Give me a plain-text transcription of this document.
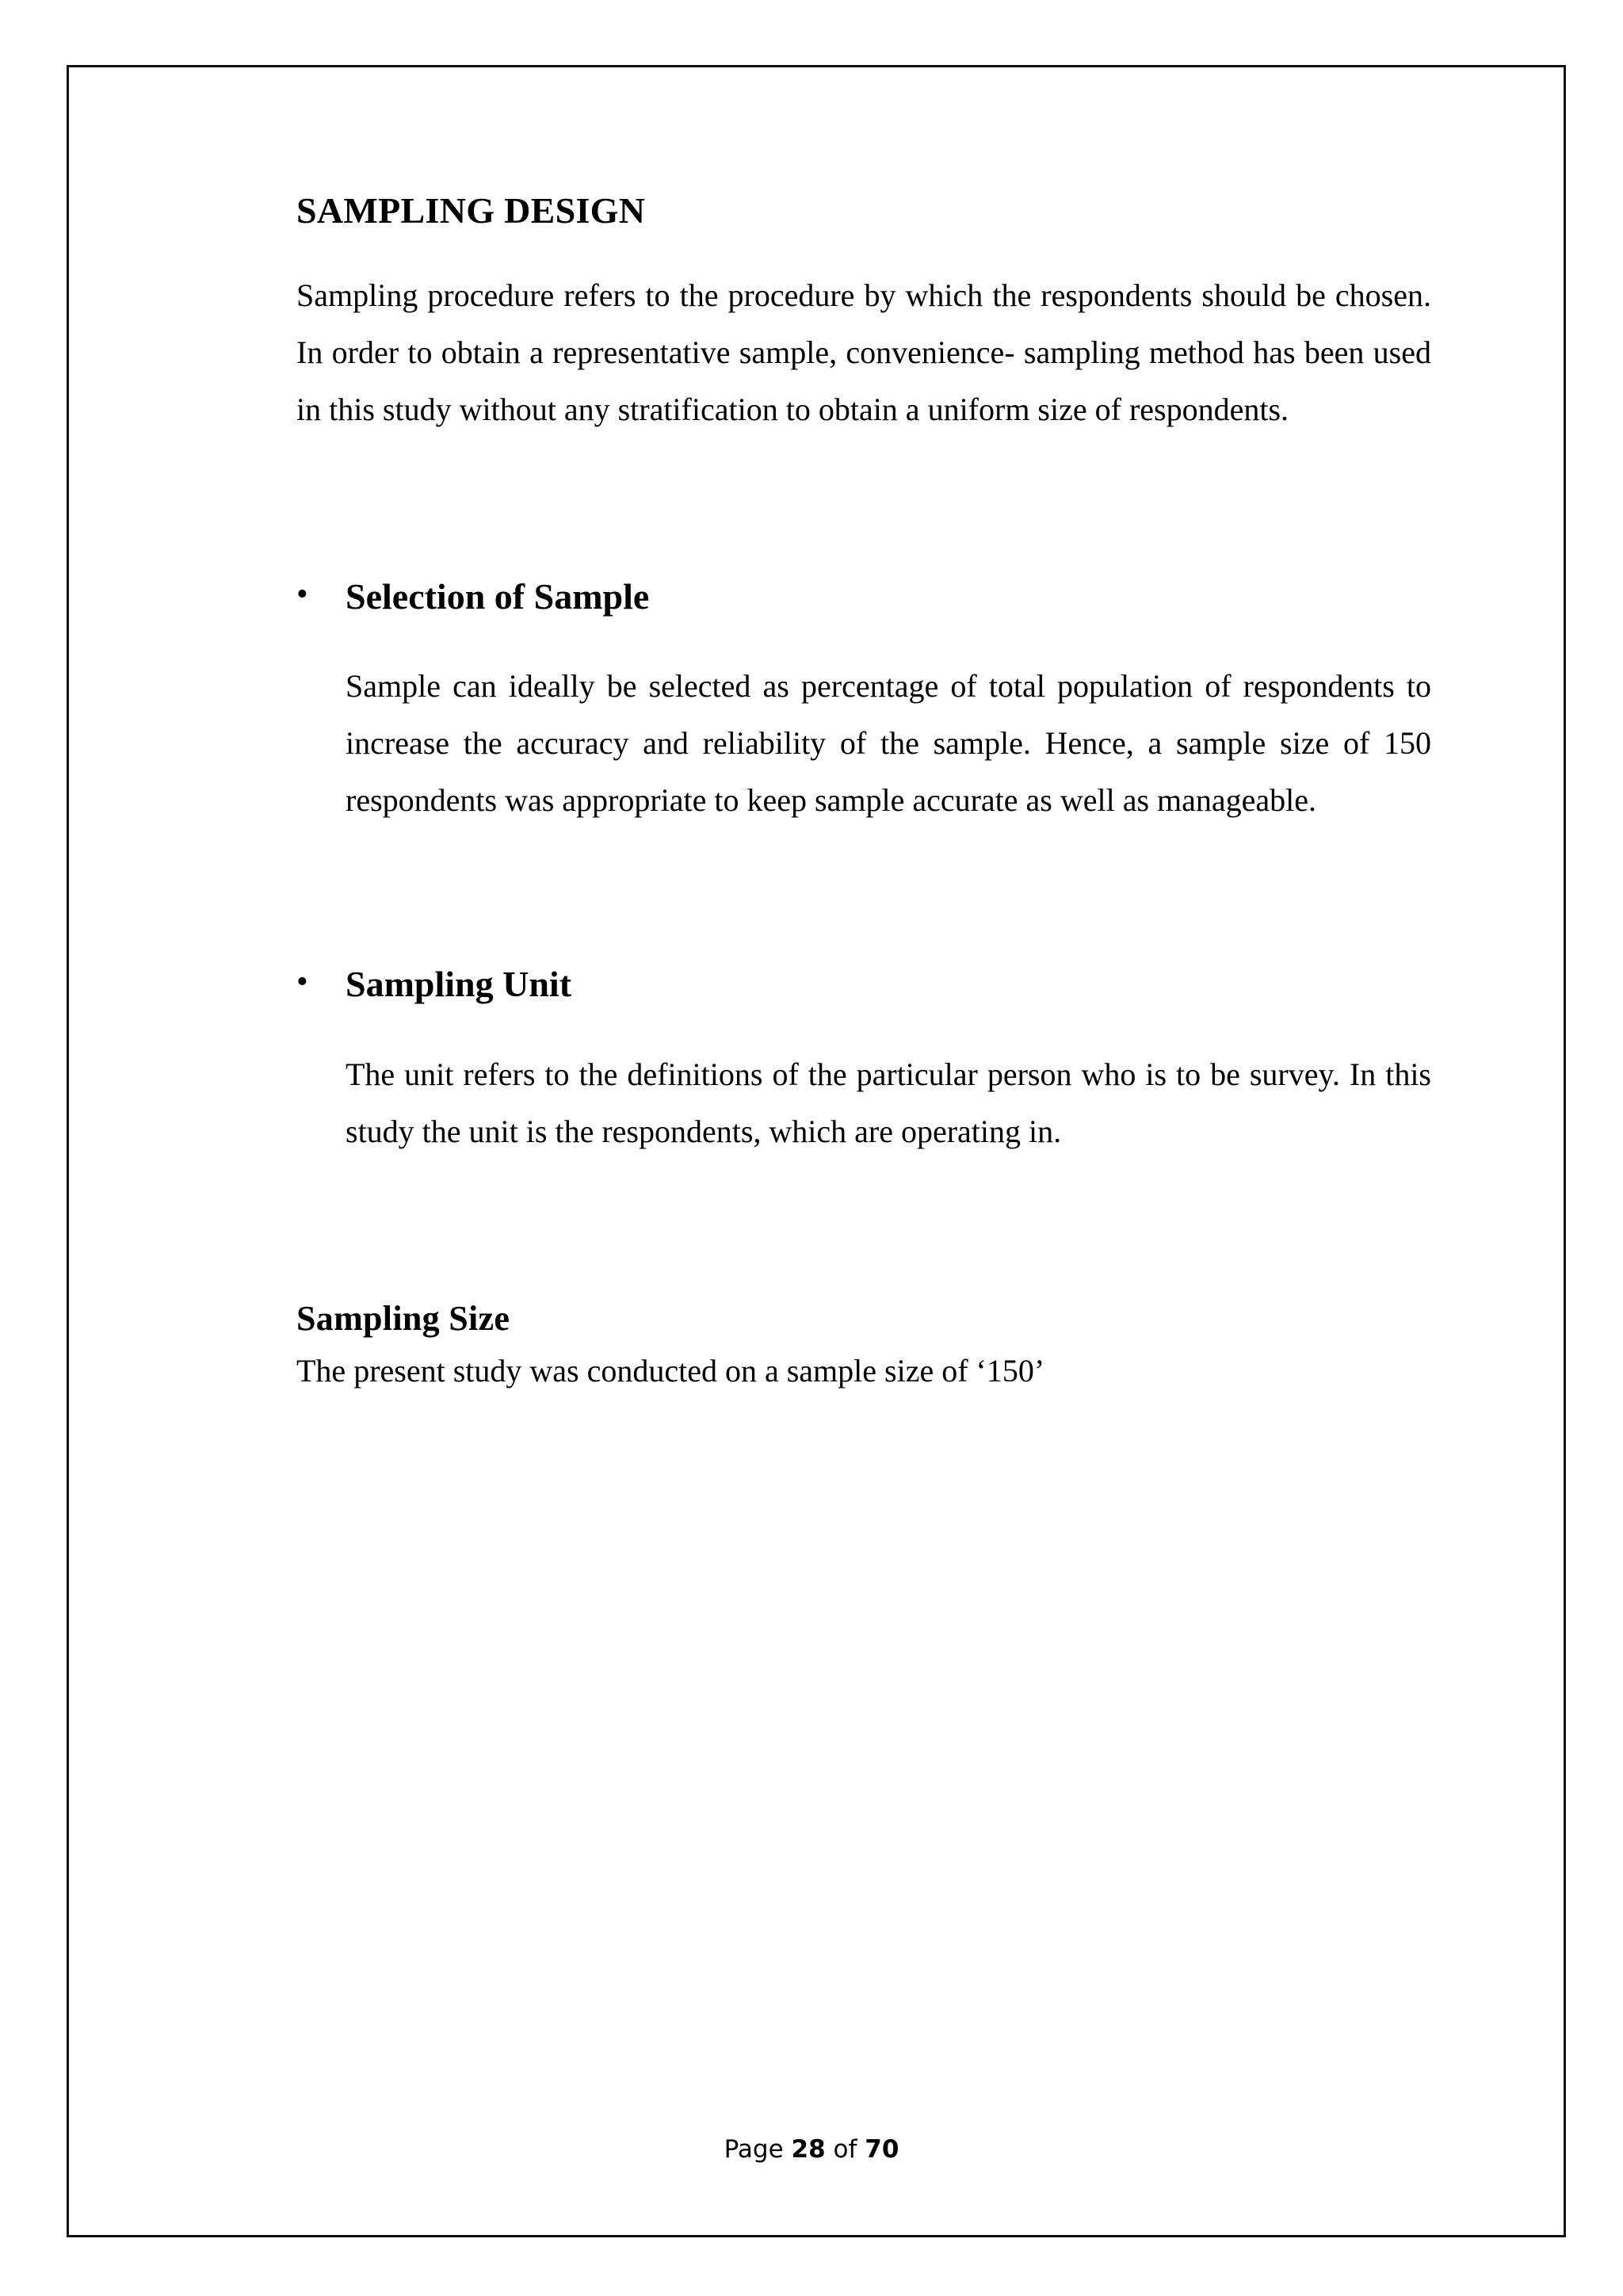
SAMPLING DESIGN

Sampling procedure refers to the procedure by which the respondents should be chosen. In order to obtain a representative sample, convenience- sampling method has been used in this study without any stratification to obtain a uniform size of respondents.

• Selection of Sample

Sample can ideally be selected as percentage of total population of respondents to increase the accuracy and reliability of the sample. Hence, a sample size of 150 respondents was appropriate to keep sample accurate as well as manageable.

• Sampling Unit

The unit refers to the definitions of the particular person who is to be survey. In this study the unit is the respondents, which are operating in.

Sampling Size

The present study was conducted on a sample size of ‘150’

Page 28 of 70
